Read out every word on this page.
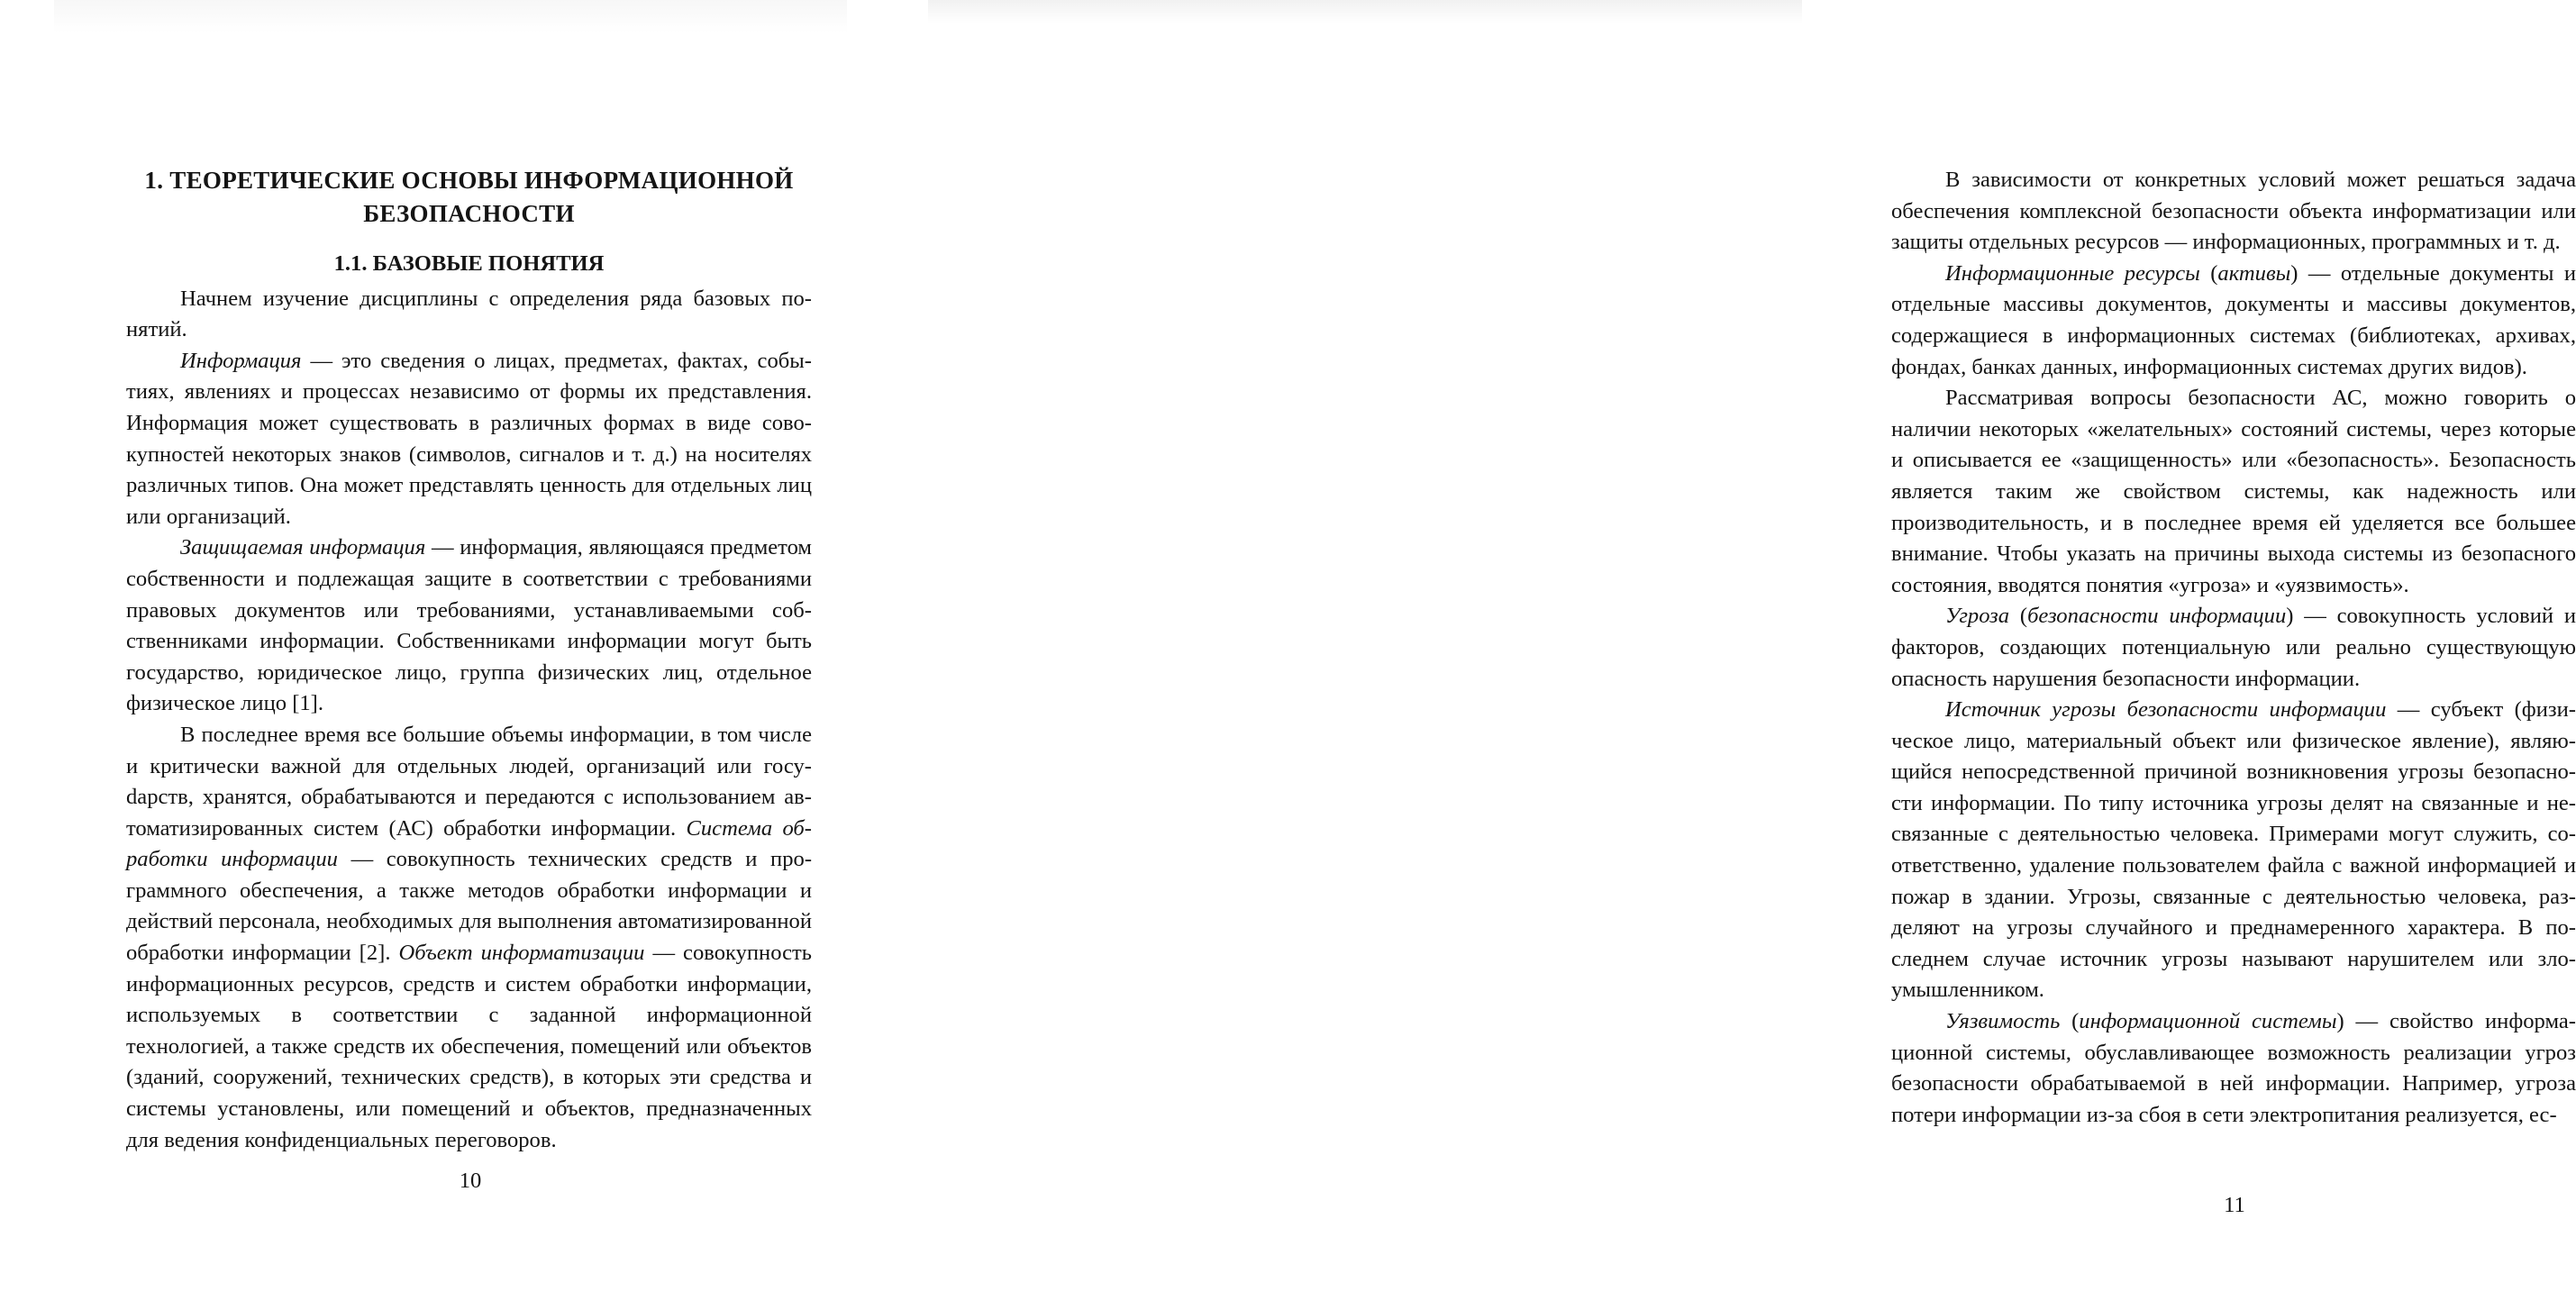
1. ТЕОРЕТИЧЕСКИЕ ОСНОВЫ ИНФОРМАЦИОННОЙ БЕЗОПАСНОСТИ
1.1. БАЗОВЫЕ ПОНЯТИЯ

Начнем изучение дисциплины с определения ряда базовых понятий.

Информация — это сведения о лицах, предметах, фактах, событиях, явлениях и процессах независимо от формы их представления. Информация может существовать в различных формах в виде совокупностей некоторых знаков (символов, сигналов и т. д.) на носителях различных типов. Она может представлять ценность для отдельных лиц или организаций.

Защищаемая информация — информация, являющаяся предметом собственности и подлежащая защите в соответствии с требованиями правовых документов или требованиями, устанавливаемыми собственниками информации. Собственниками информации могут быть государство, юридическое лицо, группа физических лиц, отдельное физическое лицо [1].

В последнее время все большие объемы информации, в том числе и критически важной для отдельных людей, организаций или госуdарств, хранятся, обрабатываются и передаются с использованием автоматизированных систем (АС) обработки информации. Система обработки информации — совокупность технических средств и программного обеспечения, а также методов обработки информации и действий персонала, необходимых для выполнения автоматизированной обработки информации [2]. Объект информатизации — совокупность информационных ресурсов, средств и систем обработки информации, используемых в соответствии с заданной информационной технологией, а также средств их обеспечения, помещений или объектов (зданий, сооружений, технических средств), в которых эти средства и системы установлены, или помещений и объектов, предназначенных для ведения конфиденциальных переговоров.

10

В зависимости от конкретных условий может решаться задача обеспечения комплексной безопасности объекта информатизации или защиты отдельных ресурсов — информационных, программных и т. д.

Информационные ресурсы (активы) — отдельные документы и отдельные массивы документов, документы и массивы документов, содержащиеся в информационных системах (библиотеках, архивах, фондах, банках данных, информационных системах других видов).

Рассматривая вопросы безопасности АС, можно говорить о наличии некоторых «желательных» состояний системы, через которые и описывается ее «защищенность» или «безопасность». Безопасность является таким же свойством системы, как надежность или производительность, и в последнее время ей уделяется все большее внимание. Чтобы указать на причины выхода системы из безопасного состояния, вводятся понятия «угроза» и «уязвимость».

Угроза (безопасности информации) — совокупность условий и факторов, создающих потенциальную или реально существующую опасность нарушения безопасности информации.

Источник угрозы безопасности информации — субъект (физическое лицо, материальный объект или физическое явление), являющийся непосредственной причиной возникновения угрозы безопасности информации. По типу источника угрозы делят на связанные и несвязанные с деятельностью человека. Примерами могут служить, соответственно, удаление пользователем файла с важной информацией и пожар в здании. Угрозы, связанные с деятельностью человека, разделяют на угрозы случайного и преднамеренного характера. В последнем случае источник угрозы называют нарушителем или злоумышленником.

Уязвимость (информационной системы) — свойство информационной системы, обуславливающее возможность реализации угроз безопасности обрабатываемой в ней информации. Например, угроза потери информации из-за сбоя в сети электропитания реализуется, ес-

11
